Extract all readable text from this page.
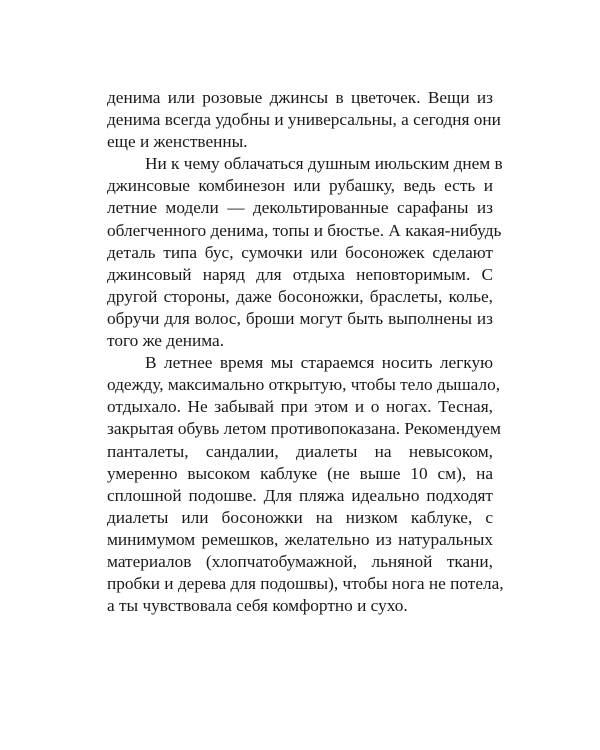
денима или розовые джинсы в цветочек. Вещи из
денима всегда удобны и универсальны, а сегодня они
еще и женственны.

Ни к чему облачаться душным июльским днем в
джинсовые комбинезон или рубашку, ведь есть и
летние модели — декольтированные сарафаны из
облегченного денима, топы и бюстье. А какая-нибудь
деталь типа бус, сумочки или босоножек сделают
джинсовый наряд для отдыха неповторимым. С
другой стороны, даже босоножки, браслеты, колье,
обручи для волос, броши могут быть выполнены из
того же денима.

В летнее время мы стараемся носить легкую
одежду, максимально открытую, чтобы тело дышало,
отдыхало. Не забывай при этом и о ногах. Тесная,
закрытая обувь летом противопоказана. Рекомендуем
панталеты, сандалии, диалеты на невысоком,
умеренно высоком каблуке (не выше 10 см), на
сплошной подошве. Для пляжа идеально подходят
диалеты или босоножки на низком каблуке, с
минимумом ремешков, желательно из натуральных
материалов (хлопчатобумажной, льняной ткани,
пробки и дерева для подошвы), чтобы нога не потела,
а ты чувствовала себя комфортно и сухо.
